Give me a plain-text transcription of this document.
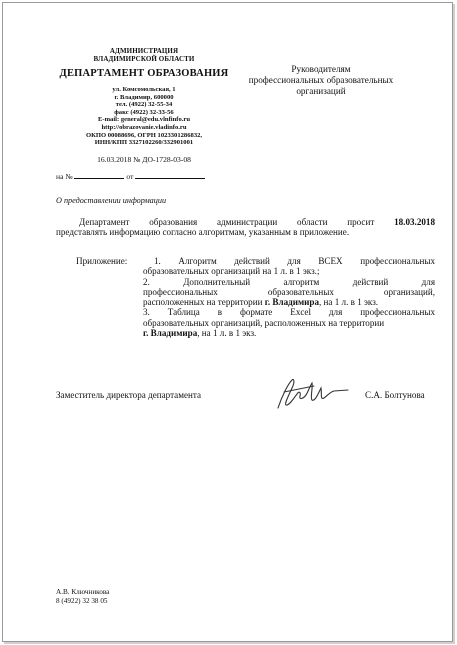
АДМИНИСТРАЦИЯ
ВЛАДИМИРСКОЙ ОБЛАСТИ
ДЕПАРТАМЕНТ ОБРАЗОВАНИЯ
ул. Комсомольская, 1
г. Владимир, 600000
тел. (4922) 32-55-34
факс (4922) 32-33-56
E-mail: general@edu.vlnfinfo.ru
http://obrazovanie.vladinfo.ru
ОКПО 00088696, ОГРН 1023301286832,
ИНН/КПП 3327102260/332901001
16.03.2018 № ДО-1728-03-08
на №	от
Руководителям
профессиональных образовательных
организаций
О предоставлении информации
Департамент образования администрации области просит 18.03.2018
представлять информацию согласно алгоритмам, указанным в приложение.
Приложение:	1. Алгоритм действий для ВСЕХ профессиональных
образовательных организаций на 1 л. в 1 экз.;
2. Дополнительный алгоритм действий для
профессиональных образовательных организаций,
расположенных на территории г. Владимира, на 1 л. в 1 экз.
3. Таблица в формате Excel для профессиональных
образовательных организаций, расположенных на территории
г. Владимира, на 1 л. в 1 экз.
Заместитель директора департамента	С.А. Болтунова
А.В. Ключникова
8 (4922) 32 38 05
